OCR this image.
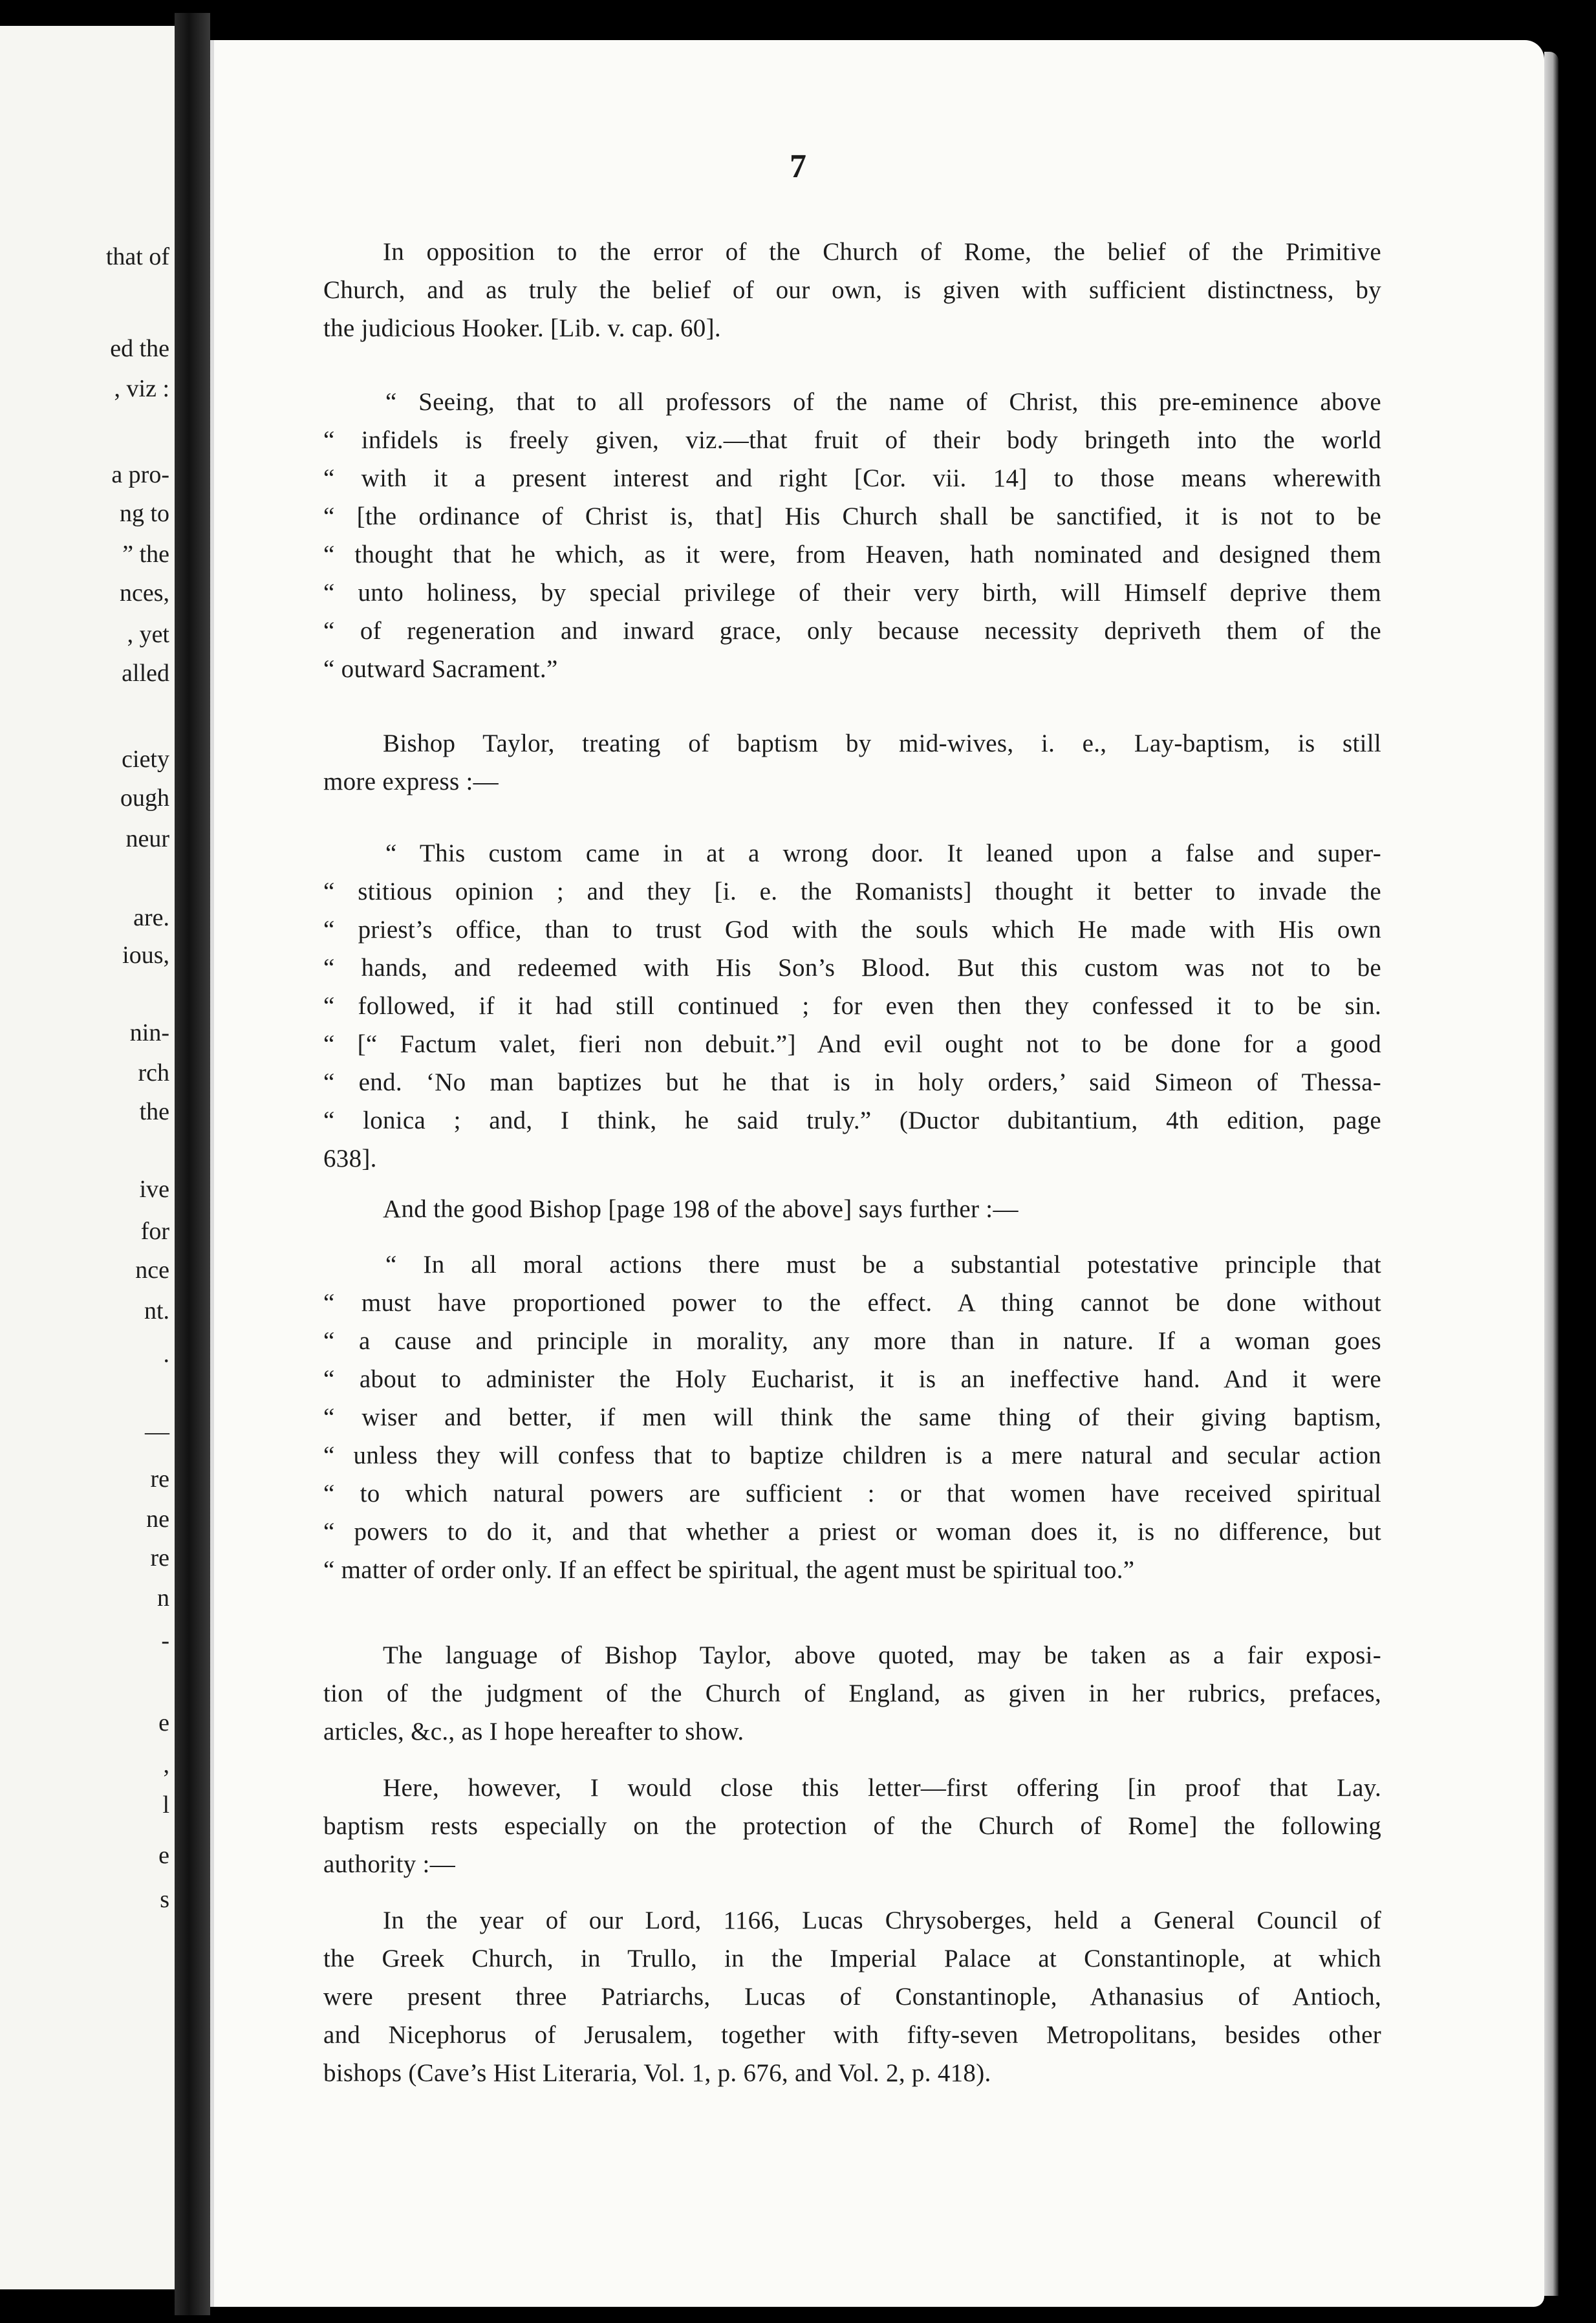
that of
ed the
, viz :
a pro-
ng to
” the
nces,
, yet
alled
ciety
ough
neur
are.
ious,
nin-
rch
the
ive
for
nce
nt.
.
—
re
ne
re
n
-
e
,
l
e
s
7
In opposition to the error of the Church of Rome, the belief of the Primitive
Church, and as truly the belief of our own, is given with sufficient distinctness, by
the judicious Hooker. [Lib. v. cap. 60].
“ Seeing, that to all professors of the name of Christ, this pre-eminence above
“ infidels is freely given, viz.—that fruit of their body bringeth into the world
“ with it a present interest and right [Cor. vii. 14] to those means wherewith
“ [the ordinance of Christ is, that] His Church shall be sanctified, it is not to be
“ thought that he which, as it were, from Heaven, hath nominated and designed them
“ unto holiness, by special privilege of their very birth, will Himself deprive them
“ of regeneration and inward grace, only because necessity depriveth them of the
“ outward Sacrament.”
Bishop Taylor, treating of baptism by mid-wives, i. e., Lay-baptism, is still
more express :—
“ This custom came in at a wrong door. It leaned upon a false and super-
“ stitious opinion ; and they [i. e. the Romanists] thought it better to invade the
“ priest’s office, than to trust God with the souls which He made with His own
“ hands, and redeemed with His Son’s Blood. But this custom was not to be
“ followed, if it had still continued ; for even then they confessed it to be sin.
“ [“ Factum valet, fieri non debuit.”] And evil ought not to be done for a good
“ end. ‘No man baptizes but he that is in holy orders,’ said Simeon of Thessa-
“ lonica ; and, I think, he said truly.” (Ductor dubitantium, 4th edition, page
638].
And the good Bishop [page 198 of the above] says further :—
“ In all moral actions there must be a substantial potestative principle that
“ must have proportioned power to the effect. A thing cannot be done without
“ a cause and principle in morality, any more than in nature. If a woman goes
“ about to administer the Holy Eucharist, it is an ineffective hand. And it were
“ wiser and better, if men will think the same thing of their giving baptism,
“ unless they will confess that to baptize children is a mere natural and secular action
“ to which natural powers are sufficient : or that women have received spiritual
“ powers to do it, and that whether a priest or woman does it, is no difference, but
“ matter of order only. If an effect be spiritual, the agent must be spiritual too.”
The language of Bishop Taylor, above quoted, may be taken as a fair exposi-
tion of the judgment of the Church of England, as given in her rubrics, prefaces,
articles, &c., as I hope hereafter to show.
Here, however, I would close this letter—first offering [in proof that Lay.
baptism rests especially on the protection of the Church of Rome] the following
authority :—
In the year of our Lord, 1166, Lucas Chrysoberges, held a General Council of
the Greek Church, in Trullo, in the Imperial Palace at Constantinople, at which
were present three Patriarchs, Lucas of Constantinople, Athanasius of Antioch,
and Nicephorus of Jerusalem, together with fifty-seven Metropolitans, besides other
bishops (Cave’s Hist Literaria, Vol. 1, p. 676, and Vol. 2, p. 418).
